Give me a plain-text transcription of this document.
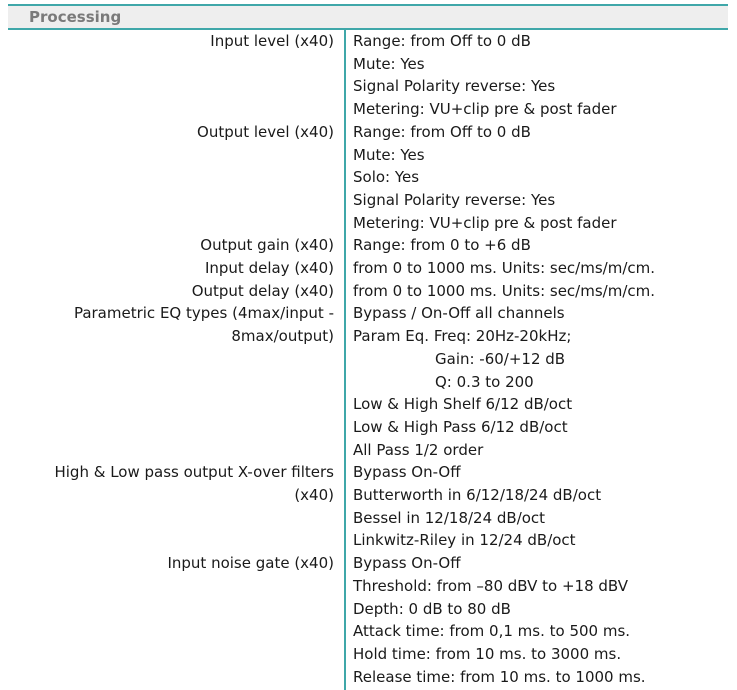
Processing
Input level (x40) Range: from Off to 0 dB
Mute: Yes
Signal Polarity reverse: Yes
Metering: VU+clip pre & post fader
Output level (x40) Range: from Off to 0 dB
Mute: Yes
Solo: Yes
Signal Polarity reverse: Yes
Metering: VU+clip pre & post fader
Output gain (x40) Range: from 0 to +6 dB
Input delay (x40) from 0 to 1000 ms. Units: sec/ms/m/cm.
Output delay (x40) from 0 to 1000 ms. Units: sec/ms/m/cm.
Parametric EQ types (4max/input -
8max/output)
Bypass / On-Off all channels
Param Eq. Freq: 20Hz-20kHz;
Gain: -60/+12 dB
Q: 0.3 to 200
Low & High Shelf 6/12 dB/oct
Low & High Pass 6/12 dB/oct
All Pass 1/2 order
High & Low pass output X-over filters
(x40)
Bypass On-Off
Butterworth in 6/12/18/24 dB/oct
Bessel in 12/18/24 dB/oct
Linkwitz-Riley in 12/24 dB/oct
Input noise gate (x40) Bypass On-Off
Threshold: from –80 dBV to +18 dBV
Depth: 0 dB to 80 dB
Attack time: from 0,1 ms. to 500 ms.
Hold time: from 10 ms. to 3000 ms.
Release time: from 10 ms. to 1000 ms.
